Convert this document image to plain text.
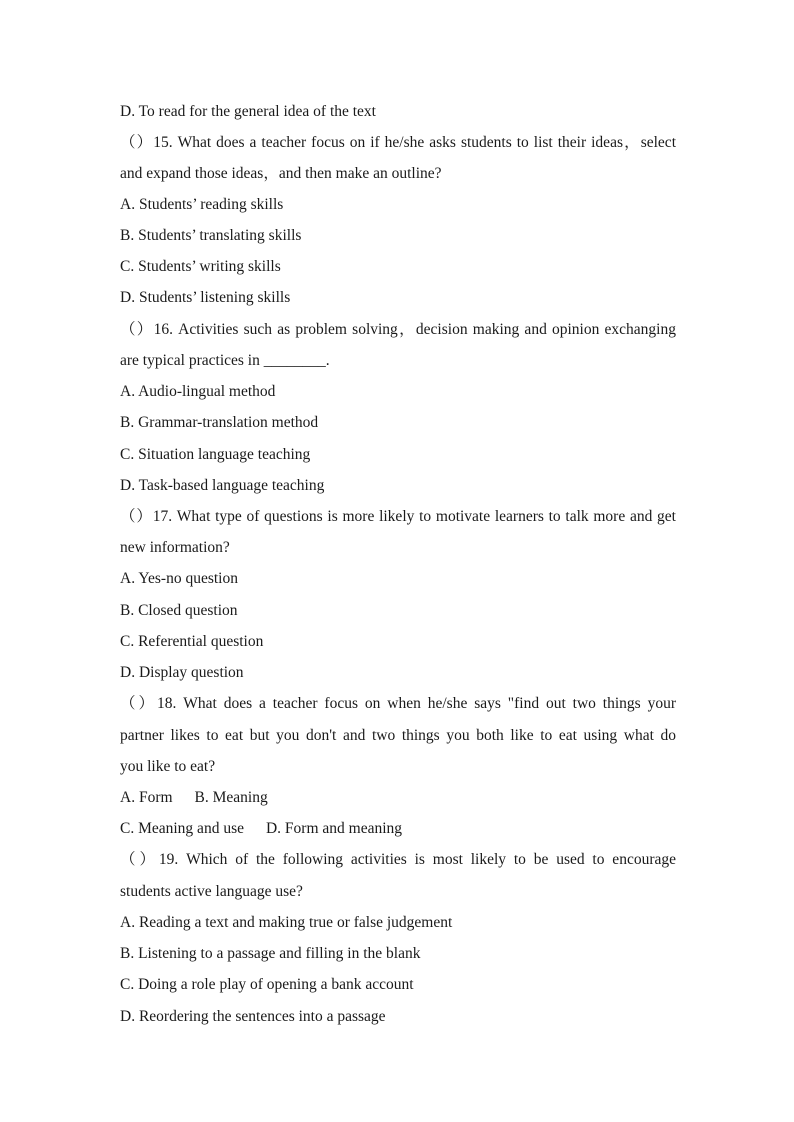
D. To read for the general idea of the text
（）15. What does a teacher focus on if he/she asks students to list their ideas，select
and expand those ideas，and then make an outline?
A. Students’ reading skills
B. Students’ translating skills
C. Students’ writing skills
D. Students’ listening skills
（）16. Activities such as problem solving，decision making and opinion exchanging
are typical practices in ________.
A. Audio-lingual method
B. Grammar-translation method
C. Situation language teaching
D. Task-based language teaching
（）17. What type of questions is more likely to motivate learners to talk more and get
new information?
A. Yes-no question
B. Closed question
C. Referential question
D. Display question
（）18. What does a teacher focus on when he/she says "find out two things your
partner likes to eat but you don't and two things you both like to eat using what do
you like to eat?
A. Form B. Meaning
C. Meaning and use D. Form and meaning
（）19. Which of the following activities is most likely to be used to encourage
students active language use?
A. Reading a text and making true or false judgement
B. Listening to a passage and filling in the blank
C. Doing a role play of opening a bank account
D. Reordering the sentences into a passage
